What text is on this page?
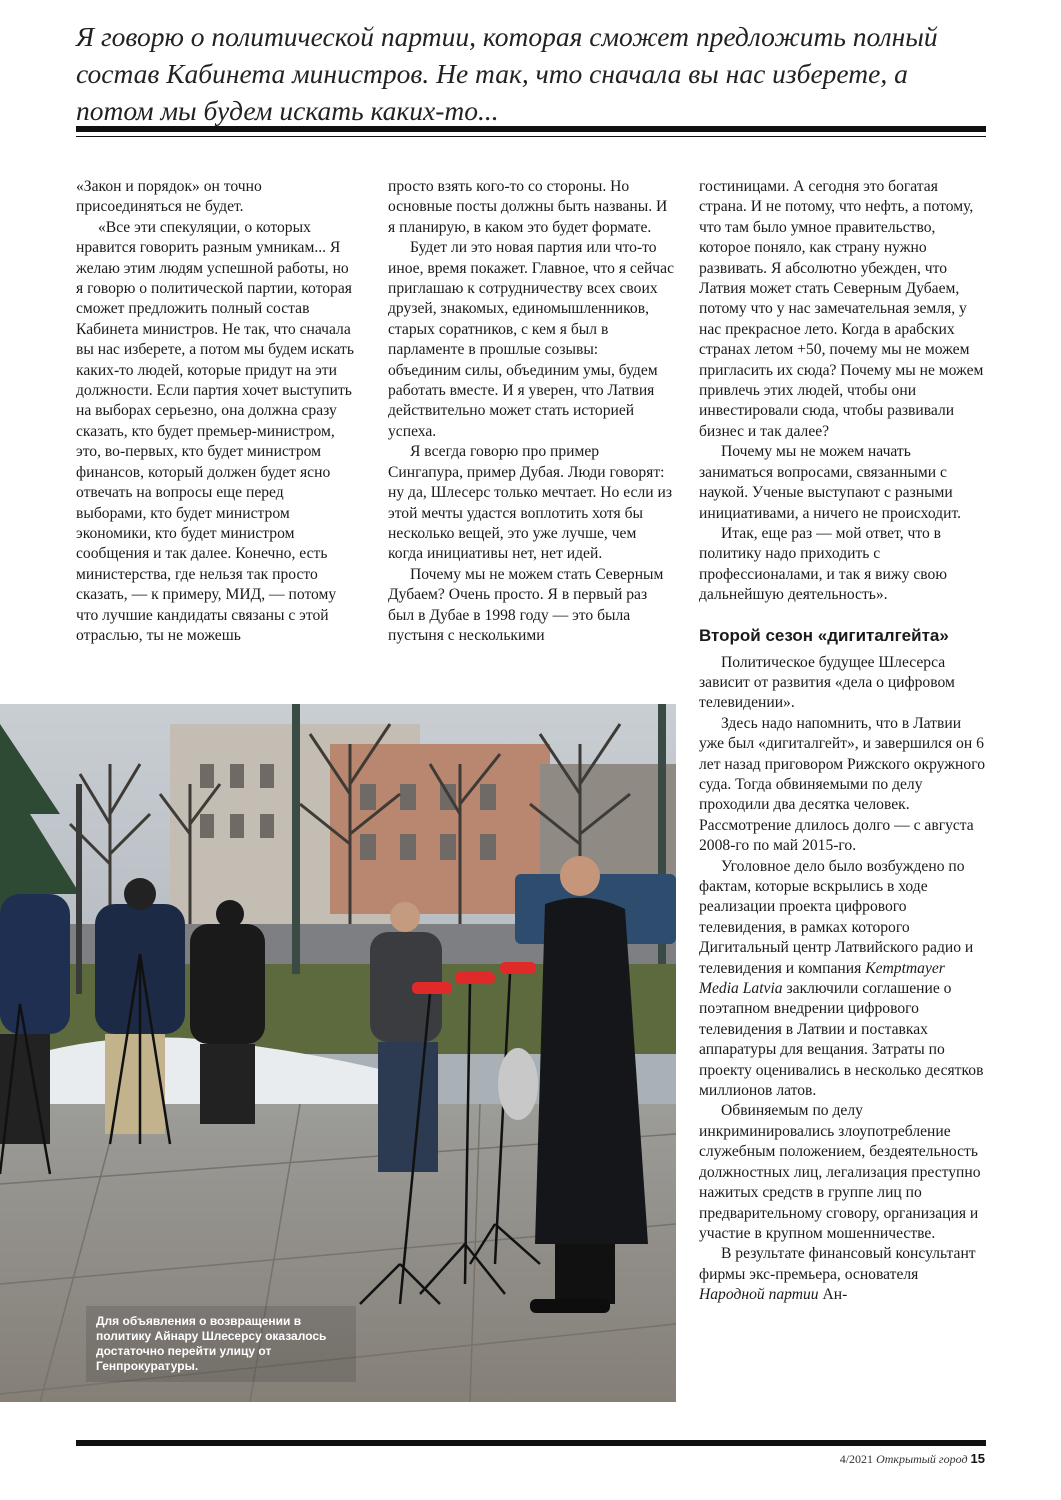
Я говорю о политической партии, которая сможет предложить полный состав Кабинета министров. Не так, что сначала вы нас изберете, а потом мы будем искать каких-то...

«Закон и порядок» он точно присоединяться не будет.

«Все эти спекуляции, о которых нравится говорить разным умникам... Я желаю этим людям успешной работы, но я говорю о политической партии, которая сможет предложить полный состав Кабинета министров. Не так, что сначала вы нас изберете, а потом мы будем искать каких-то людей, которые придут на эти должности. Если партия хочет выступить на выборах серьезно, она должна сразу сказать, кто будет премьер-министром, это, во-первых, кто будет министром финансов, который должен будет ясно отвечать на вопросы еще перед выборами, кто будет министром экономики, кто будет министром сообщения и так далее. Конечно, есть министерства, где нельзя так просто сказать, — к примеру, МИД, — потому что лучшие кандидаты связаны с этой отраслью, ты не можешь

просто взять кого-то со стороны. Но основные посты должны быть названы. И я планирую, в каком это будет формате.

Будет ли это новая партия или что-то иное, время покажет. Главное, что я сейчас приглашаю к сотрудничеству всех своих друзей, знакомых, единомышленников, старых соратников, с кем я был в парламенте в прошлые созывы: объединим силы, объединим умы, будем работать вместе. И я уверен, что Латвия действительно может стать историей успеха.

Я всегда говорю про пример Сингапура, пример Дубая. Люди говорят: ну да, Шлесерс только мечтает. Но если из этой мечты удастся воплотить хотя бы несколько вещей, это уже лучше, чем когда инициативы нет, нет идей.

Почему мы не можем стать Северным Дубаем? Очень просто. Я в первый раз был в Дубае в 1998 году — это была пустыня с несколькими

гостиницами. А сегодня это богатая страна. И не потому, что нефть, а потому, что там было умное правительство, которое поняло, как страну нужно развивать. Я абсолютно убежден, что Латвия может стать Северным Дубаем, потому что у нас замечательная земля, у нас прекрасное лето. Когда в арабских странах летом +50, почему мы не можем пригласить их сюда? Почему мы не можем привлечь этих людей, чтобы они инвестировали сюда, чтобы развивали бизнес и так далее?

Почему мы не можем начать заниматься вопросами, связанными с наукой. Ученые выступают с разными инициативами, а ничего не происходит.

Итак, еще раз — мой ответ, что в политику надо приходить с профессионалами, и так я вижу свою дальнейшую деятельность».

Второй сезон «дигиталгейта»

Политическое будущее Шлесерса зависит от развития «дела о цифровом телевидении».

Здесь надо напомнить, что в Латвии уже был «дигиталгейт», и завершился он 6 лет назад приговором Рижского окружного суда. Тогда обвиняемыми по делу проходили два десятка человек. Рассмотрение длилось долго — с августа 2008-го по май 2015-го.

Уголовное дело было возбуждено по фактам, которые вскрылись в ходе реализации проекта цифрового телевидения, в рамках которого Дигитальный центр Латвийского радио и телевидения и компания Kemptmayer Media Latvia заключили соглашение о поэтапном внедрении цифрового телевидения в Латвии и поставках аппаратуры для вещания. Затраты по проекту оценивались в несколько десятков миллионов латов.

Обвиняемым по делу инкриминировались злоупотребление служебным положением, бездеятельность должностных лиц, легализация преступно нажитых средств в группе лиц по предварительному сговору, организация и участие в крупном мошенничестве.

В результате финансовый консультант фирмы экс-премьера, основателя Народной партии Ан-

Для объявления о возвращении в политику Айнару Шлесерсу оказалось достаточно перейти улицу от Генпрокуратуры.
4/2021 Открытый город 15
